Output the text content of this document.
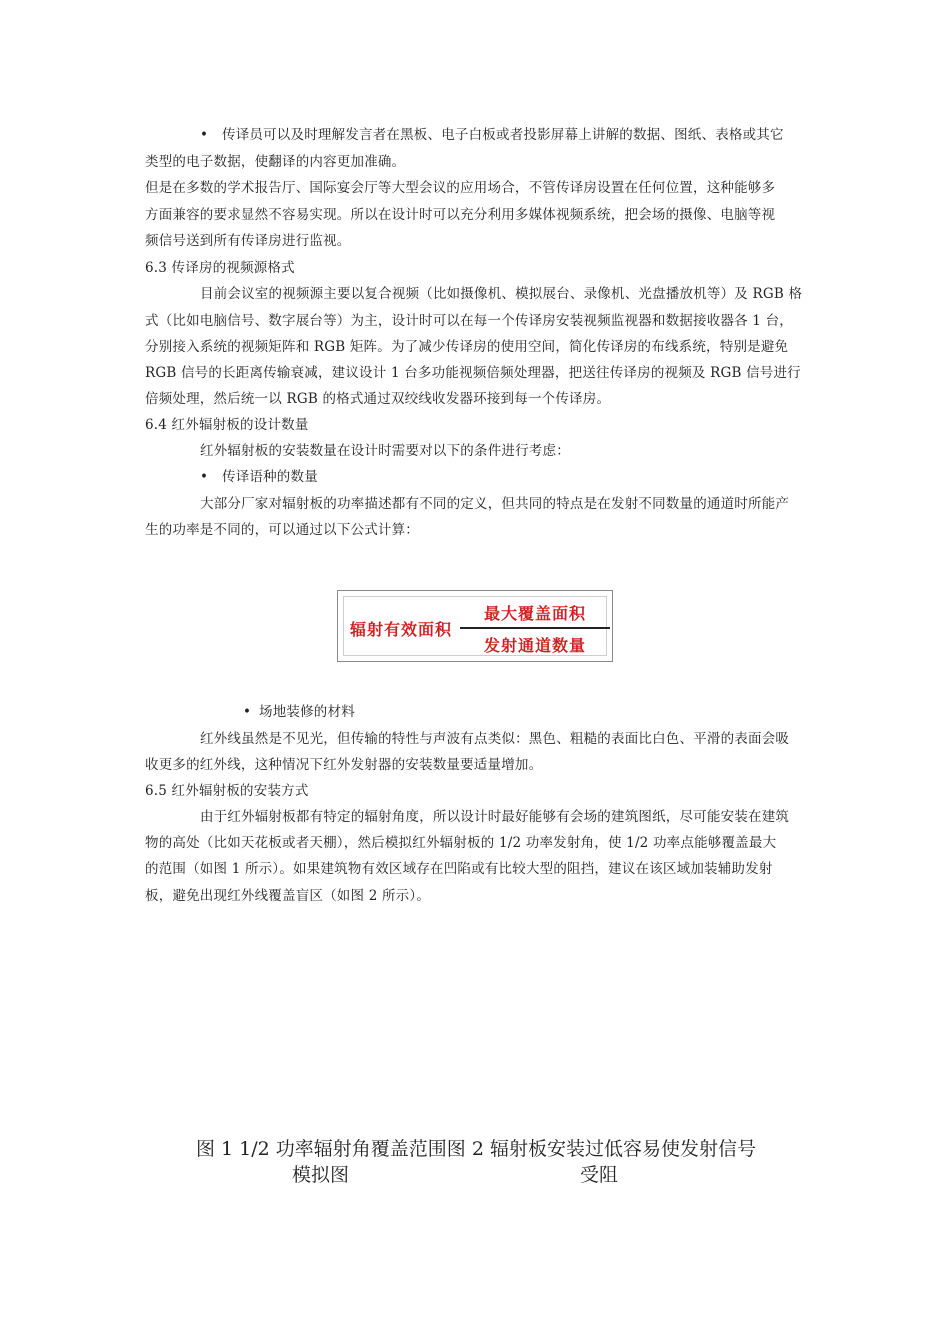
• 传译员可以及时理解发言者在黑板、电子白板或者投影屏幕上讲解的数据、图纸、表格或其它
类型的电子数据，使翻译的内容更加准确。
但是在多数的学术报告厅、国际宴会厅等大型会议的应用场合，不管传译房设置在任何位置，这种能够多
方面兼容的要求显然不容易实现。所以在设计时可以充分利用多媒体视频系统，把会场的摄像、电脑等视
频信号送到所有传译房进行监视。
6.3 传译房的视频源格式
目前会议室的视频源主要以复合视频（比如摄像机、模拟展台、录像机、光盘播放机等）及 RGB 格
式（比如电脑信号、数字展台等）为主，设计时可以在每一个传译房安装视频监视器和数据接收器各 1 台，
分别接入系统的视频矩阵和 RGB 矩阵。为了减少传译房的使用空间，简化传译房的布线系统，特别是避免
RGB 信号的长距离传输衰减，建议设计 1 台多功能视频倍频处理器，把送往传译房的视频及 RGB 信号进行
倍频处理，然后统一以 RGB 的格式通过双绞线收发器环接到每一个传译房。
6.4 红外辐射板的设计数量
红外辐射板的安装数量在设计时需要对以下的条件进行考虑：
• 传译语种的数量
大部分厂家对辐射板的功率描述都有不同的定义，但共同的特点是在发射不同数量的通道时所能产
生的功率是不同的，可以通过以下公式计算：
辐射有效面积
最大覆盖面积
发射通道数量
• 场地装修的材料
红外线虽然是不见光，但传输的特性与声波有点类似：黑色、粗糙的表面比白色、平滑的表面会吸
收更多的红外线，这种情况下红外发射器的安装数量要适量增加。
6.5 红外辐射板的安装方式
由于红外辐射板都有特定的辐射角度，所以设计时最好能够有会场的建筑图纸，尽可能安装在建筑
物的高处（比如天花板或者天棚），然后模拟红外辐射板的 1/2 功率发射角，使 1/2 功率点能够覆盖最大
的范围（如图 1 所示）。如果建筑物有效区域存在凹陷或有比较大型的阻挡，建议在该区域加装辅助发射
板，避免出现红外线覆盖盲区（如图 2 所示）。
图 1 1/2 功率辐射角覆盖范围图 2 辐射板安装过低容易使发射信号
模拟图	受阻
